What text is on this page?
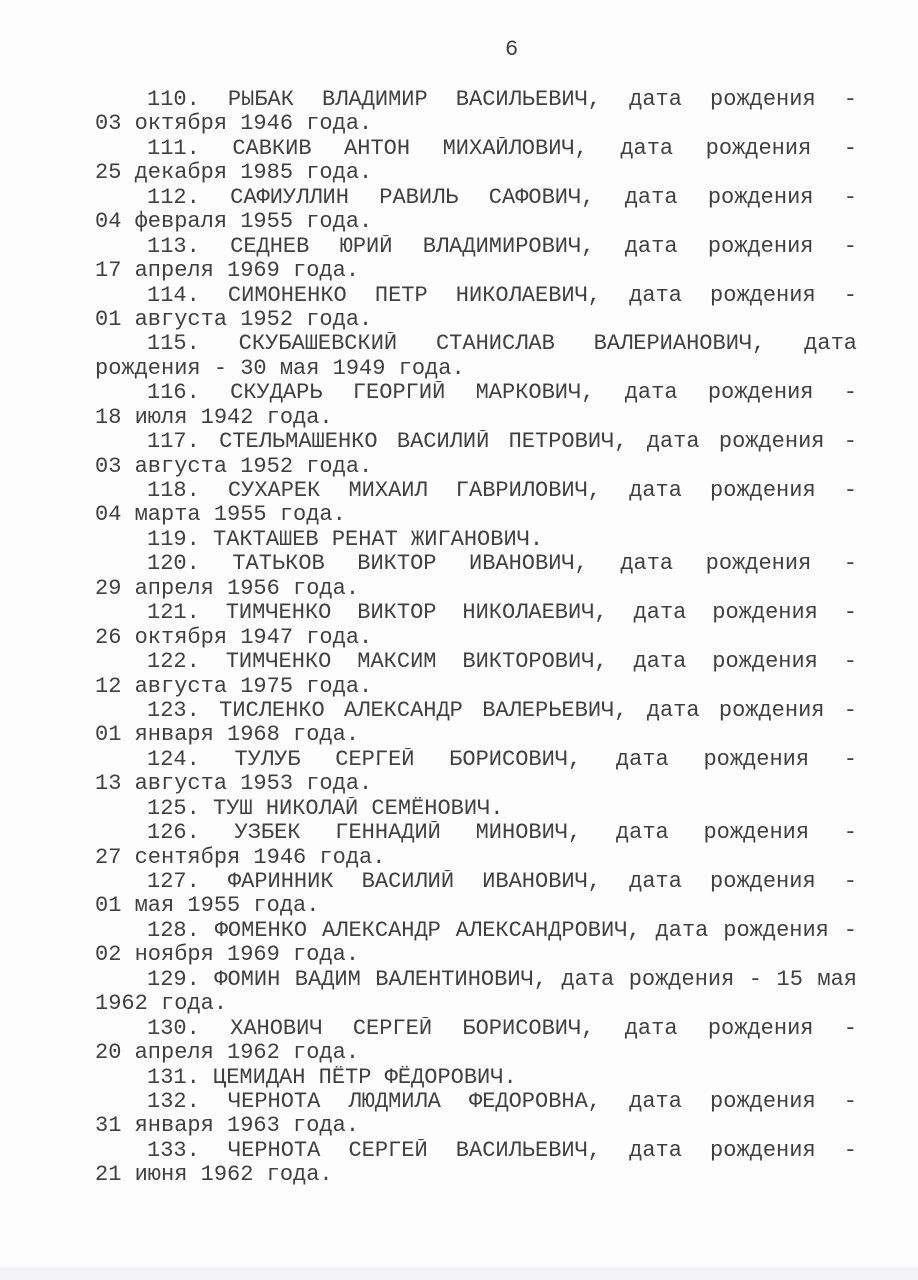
6
110. РЫБАК ВЛАДИМИР ВАСИЛЬЕВИЧ, дата рождения -
03 октября 1946 года.
111. САВКИВ АНТОН МИХАЙЛОВИЧ, дата рождения -
25 декабря 1985 года.
112. САФИУЛЛИН РАВИЛЬ САФОВИЧ, дата рождения -
04 февраля 1955 года.
113. СЕДНЕВ ЮРИЙ ВЛАДИМИРОВИЧ, дата рождения -
17 апреля 1969 года.
114. СИМОНЕНКО ПЕТР НИКОЛАЕВИЧ, дата рождения -
01 августа 1952 года.
115. СКУБАШЕВСКИЙ СТАНИСЛАВ ВАЛЕРИАНОВИЧ, дата
рождения - 30 мая 1949 года.
116. СКУДАРЬ ГЕОРГИЙ МАРКОВИЧ, дата рождения -
18 июля 1942 года.
117. СТЕЛЬМАШЕНКО ВАСИЛИЙ ПЕТРОВИЧ, дата рождения -
03 августа 1952 года.
118. СУХАРЕК МИХАИЛ ГАВРИЛОВИЧ, дата рождения -
04 марта 1955 года.
119. ТАКТАШЕВ РЕНАТ ЖИГАНОВИЧ.
120. ТАТЬКОВ ВИКТОР ИВАНОВИЧ, дата рождения -
29 апреля 1956 года.
121. ТИМЧЕНКО ВИКТОР НИКОЛАЕВИЧ, дата рождения -
26 октября 1947 года.
122. ТИМЧЕНКО МАКСИМ ВИКТОРОВИЧ, дата рождения -
12 августа 1975 года.
123. ТИСЛЕНКО АЛЕКСАНДР ВАЛЕРЬЕВИЧ, дата рождения -
01 января 1968 года.
124. ТУЛУБ СЕРГЕЙ БОРИСОВИЧ, дата рождения -
13 августа 1953 года.
125. ТУШ НИКОЛАЙ СЕМЁНОВИЧ.
126. УЗБЕК ГЕННАДИЙ МИНОВИЧ, дата рождения -
27 сентября 1946 года.
127. ФАРИННИК ВАСИЛИЙ ИВАНОВИЧ, дата рождения -
01 мая 1955 года.
128. ФОМЕНКО АЛЕКСАНДР АЛЕКСАНДРОВИЧ, дата рождения -
02 ноября 1969 года.
129. ФОМИН ВАДИМ ВАЛЕНТИНОВИЧ, дата рождения - 15 мая
1962 года.
130. ХАНОВИЧ СЕРГЕЙ БОРИСОВИЧ, дата рождения -
20 апреля 1962 года.
131. ЦЕМИДАН ПЁТР ФЁДОРОВИЧ.
132. ЧЕРНОТА ЛЮДМИЛА ФЕДОРОВНА, дата рождения -
31 января 1963 года.
133. ЧЕРНОТА СЕРГЕЙ ВАСИЛЬЕВИЧ, дата рождения -
21 июня 1962 года.
